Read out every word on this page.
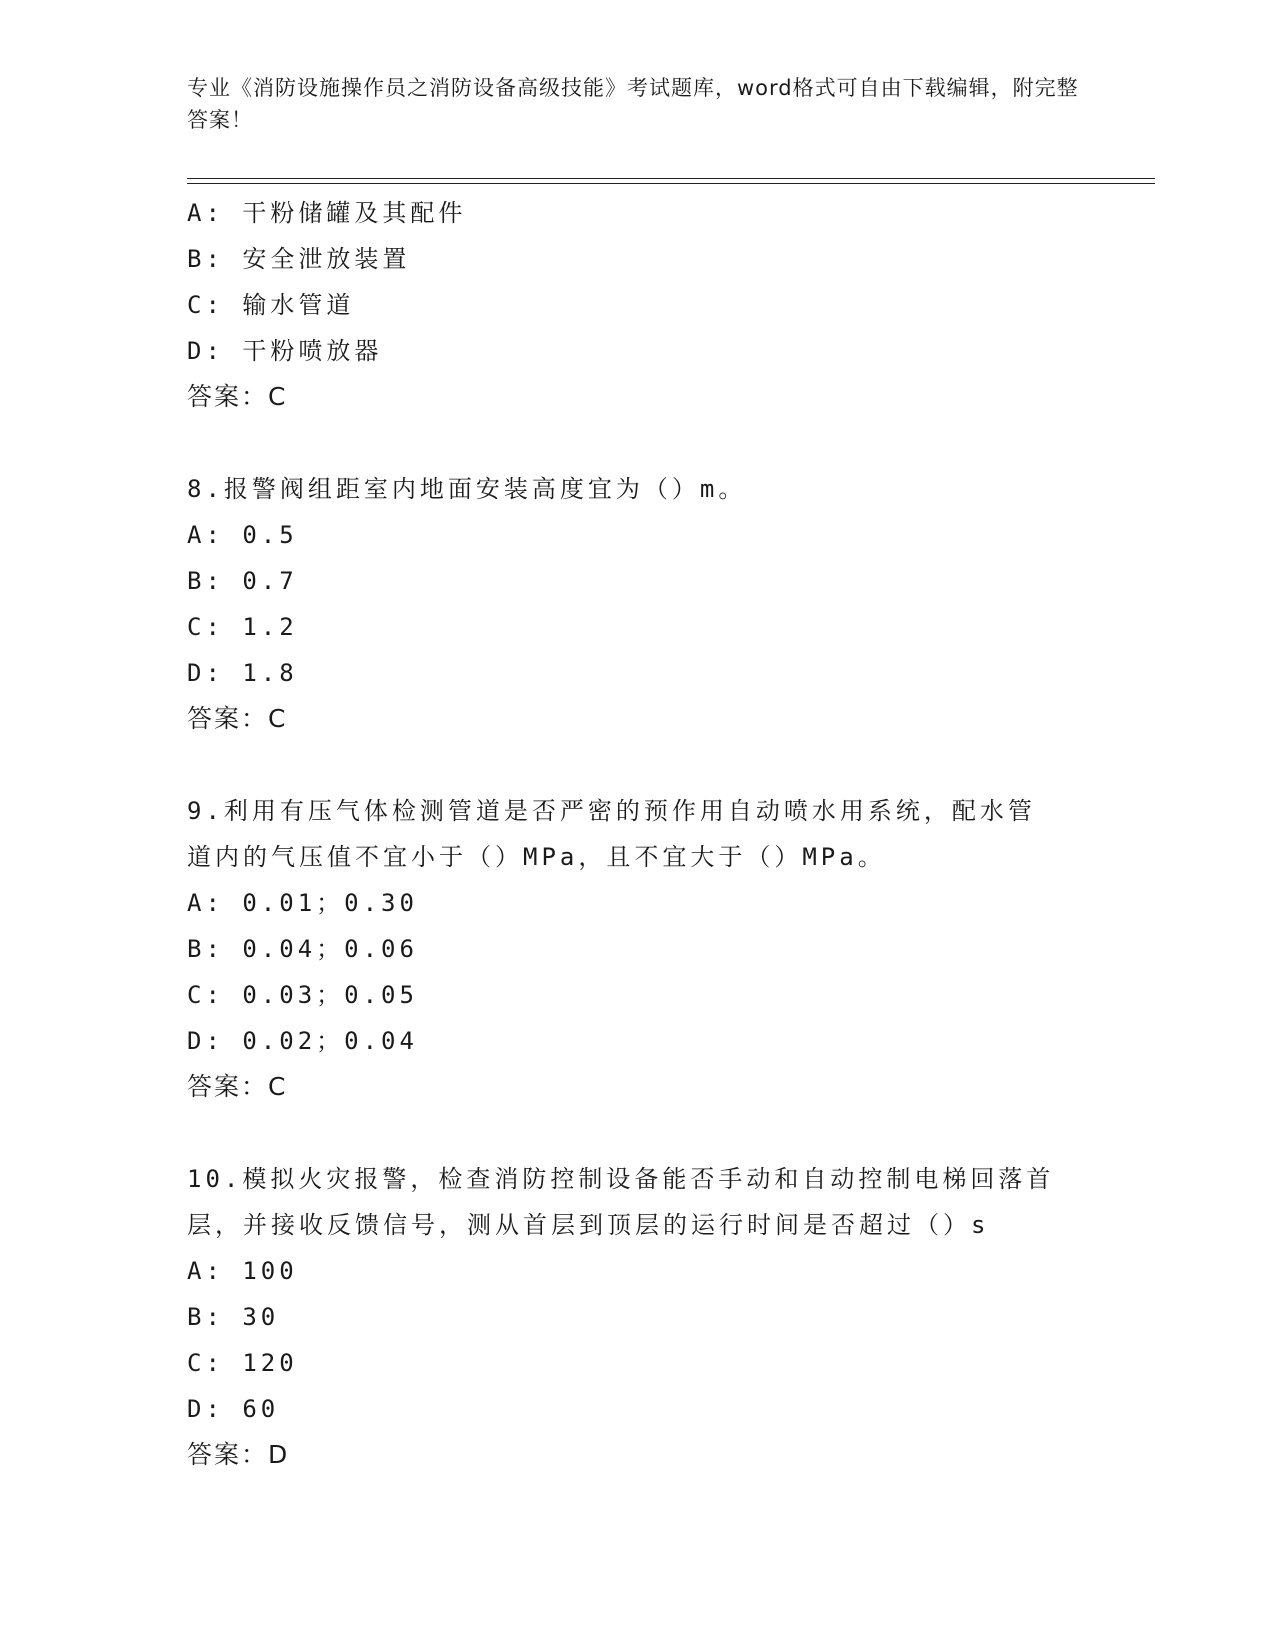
专业《消防设施操作员之消防设备高级技能》考试题库，word格式可自由下载编辑，附完整答案！
A: 干粉储罐及其配件
B: 安全泄放装置
C: 输水管道
D: 干粉喷放器
答案：C
8.报警阀组距室内地面安装高度宜为（）m。
A: 0.5
B: 0.7
C: 1.2
D: 1.8
答案：C
9.利用有压气体检测管道是否严密的预作用自动喷水用系统，配水管
道内的气压值不宜小于（）MPa，且不宜大于（）MPa。
A: 0.01；0.30
B: 0.04；0.06
C: 0.03；0.05
D: 0.02；0.04
答案：C
10.模拟火灾报警，检查消防控制设备能否手动和自动控制电梯回落首
层，并接收反馈信号，测从首层到顶层的运行时间是否超过（）s
A: 100
B: 30
C: 120
D: 60
答案：D
